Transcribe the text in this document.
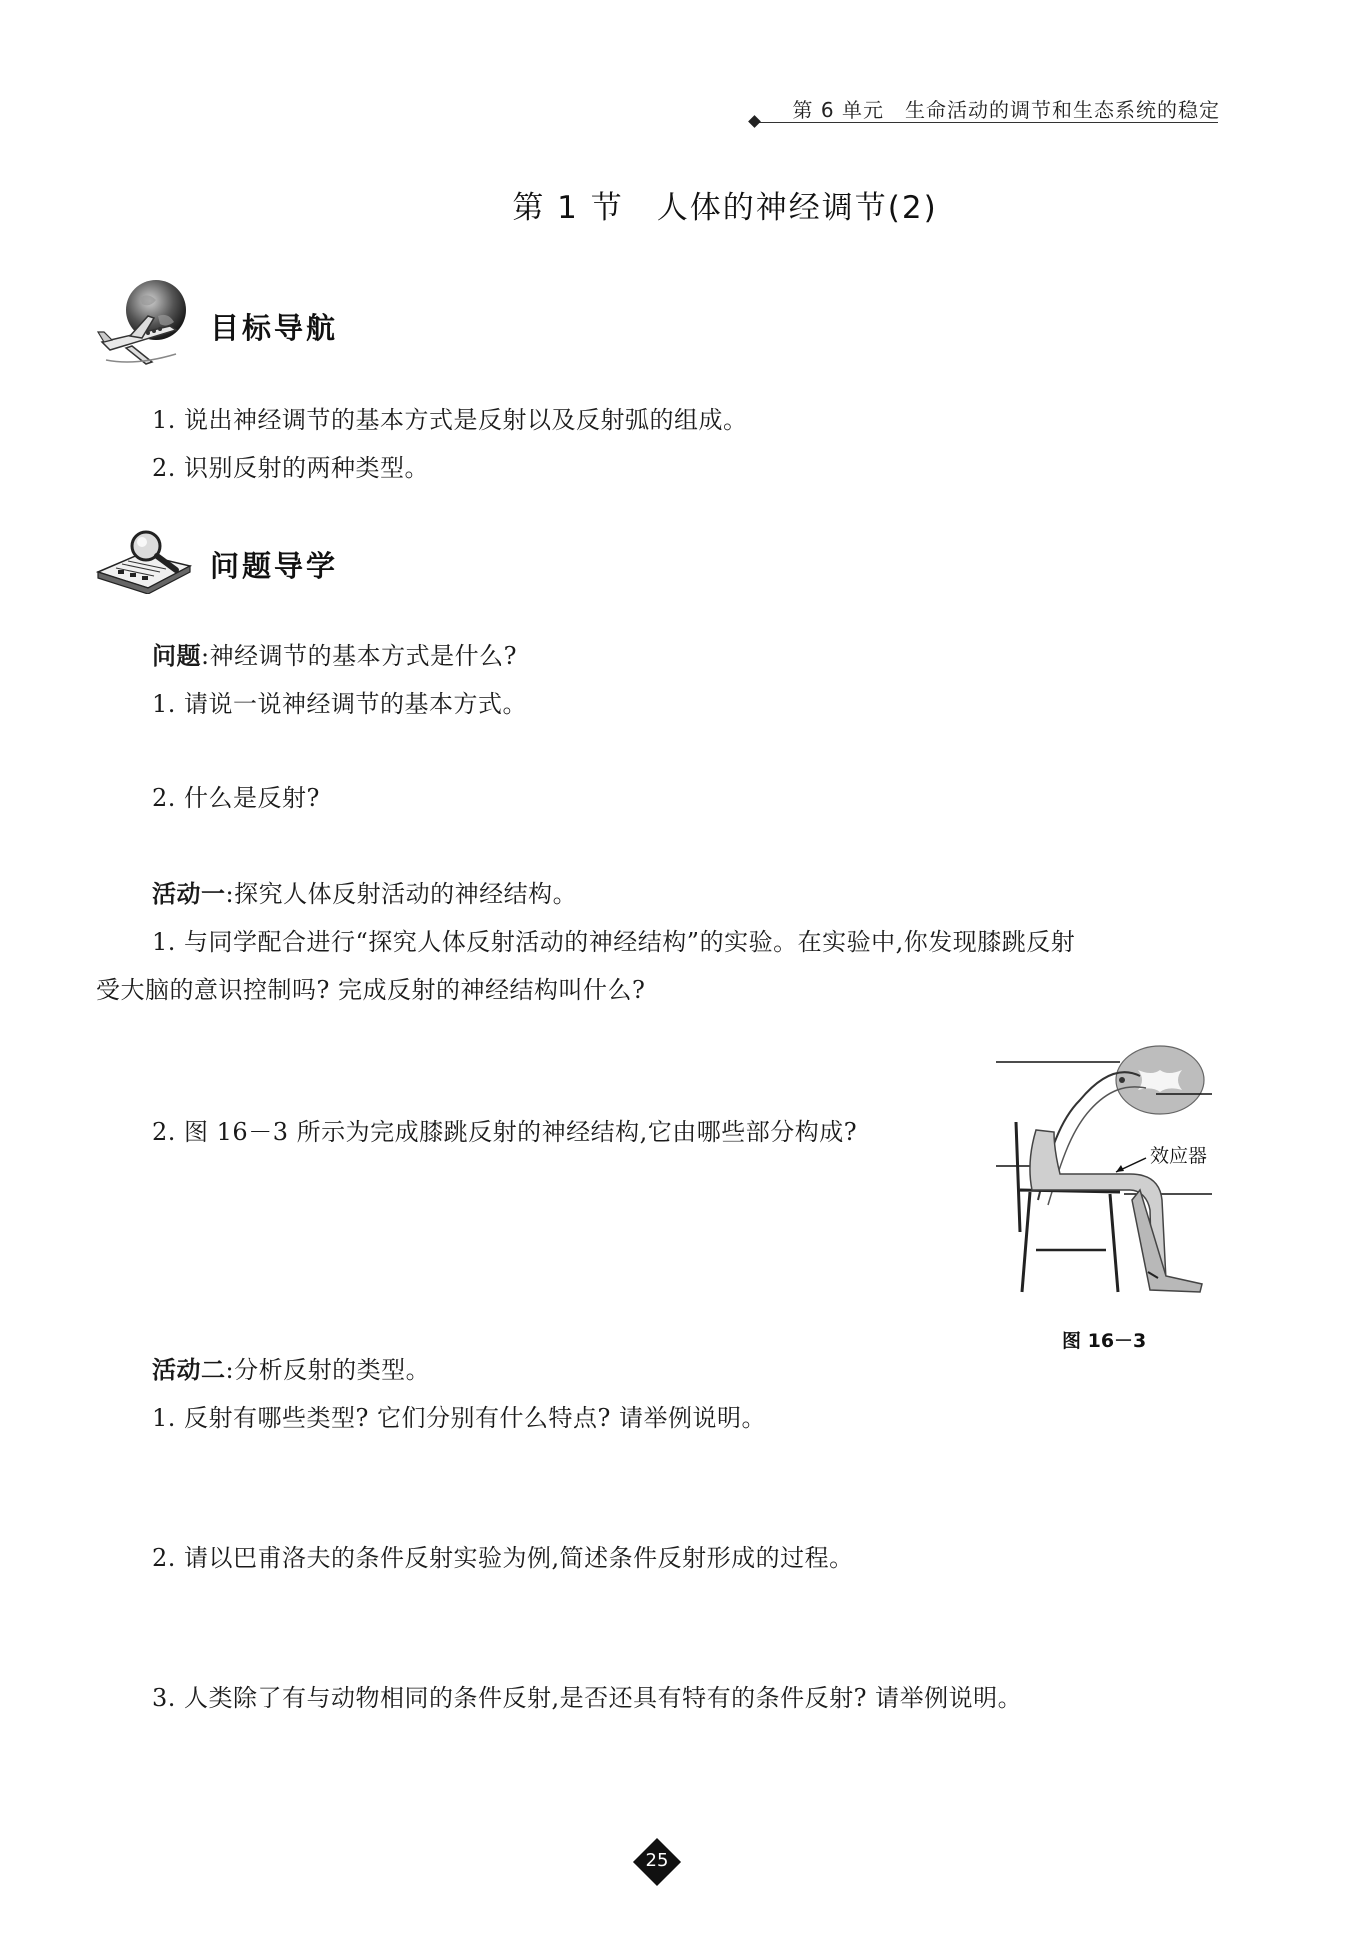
第 6 单元　生命活动的调节和生态系统的稳定
第 1 节　人体的神经调节(2)
目标导航
1. 说出神经调节的基本方式是反射以及反射弧的组成。
2. 识别反射的两种类型。
问题导学
问题:神经调节的基本方式是什么?
1. 请说一说神经调节的基本方式。
2. 什么是反射?
活动一:探究人体反射活动的神经结构。
1. 与同学配合进行“探究人体反射活动的神经结构”的实验。在实验中,你发现膝跳反射
受大脑的意识控制吗? 完成反射的神经结构叫什么?
2. 图 16－3 所示为完成膝跳反射的神经结构,它由哪些部分构成?
效应器
图 16－3
活动二:分析反射的类型。
1. 反射有哪些类型? 它们分别有什么特点? 请举例说明。
2. 请以巴甫洛夫的条件反射实验为例,简述条件反射形成的过程。
3. 人类除了有与动物相同的条件反射,是否还具有特有的条件反射? 请举例说明。
25
